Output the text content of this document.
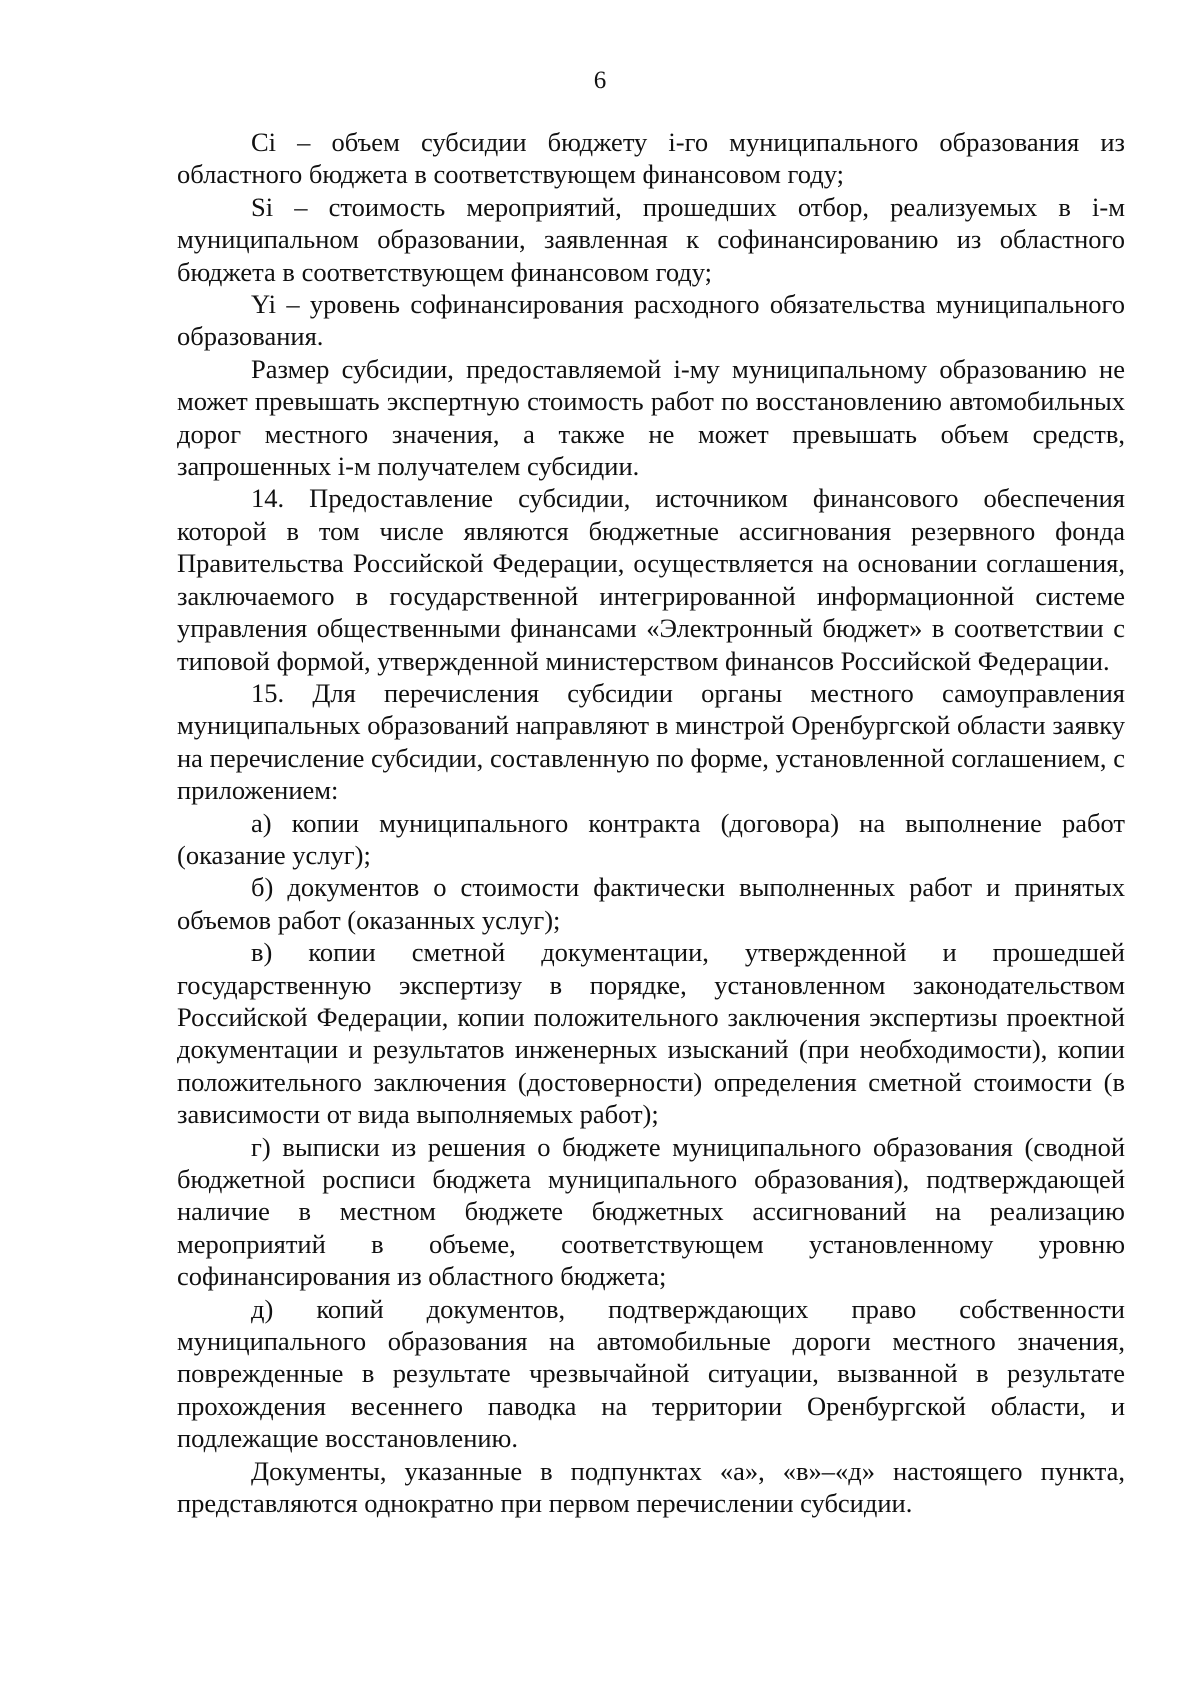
6

Ci – объем субсидии бюджету i-го муниципального образования из областного бюджета в соответствующем финансовом году;

Si – стоимость мероприятий, прошедших отбор, реализуемых в i-м муниципальном образовании, заявленная к софинансированию из областного бюджета в соответствующем финансовом году;

Yi – уровень софинансирования расходного обязательства муниципального образования.

Размер субсидии, предоставляемой i-му муниципальному образованию не может превышать экспертную стоимость работ по восстановлению автомобильных дорог местного значения, а также не может превышать объем средств, запрошенных i-м получателем субсидии.

14. Предоставление субсидии, источником финансового обеспечения которой в том числе являются бюджетные ассигнования резервного фонда Правительства Российской Федерации, осуществляется на основании соглашения, заключаемого в государственной интегрированной информационной системе управления общественными финансами «Электронный бюджет» в соответствии с типовой формой, утвержденной министерством финансов Российской Федерации.

15. Для перечисления субсидии органы местного самоуправления муниципальных образований направляют в минстрой Оренбургской области заявку на перечисление субсидии, составленную по форме, установленной соглашением, с приложением:

а) копии муниципального контракта (договора) на выполнение работ (оказание услуг);

б) документов о стоимости фактически выполненных работ и принятых объемов работ (оказанных услуг);

в) копии сметной документации, утвержденной и прошедшей государственную экспертизу в порядке, установленном законодательством Российской Федерации, копии положительного заключения экспертизы проектной документации и результатов инженерных изысканий (при необходимости), копии положительного заключения (достоверности) определения сметной стоимости (в зависимости от вида выполняемых работ);

г) выписки из решения о бюджете муниципального образования (сводной бюджетной росписи бюджета муниципального образования), подтверждающей наличие в местном бюджете бюджетных ассигнований на реализацию мероприятий в объеме, соответствующем установленному уровню софинансирования из областного бюджета;

д) копий документов, подтверждающих право собственности муниципального образования на автомобильные дороги местного значения, поврежденные в результате чрезвычайной ситуации, вызванной в результате прохождения весеннего паводка на территории Оренбургской области, и подлежащие восстановлению.

Документы, указанные в подпунктах «а», «в»–«д» настоящего пункта, представляются однократно при первом перечислении субсидии.
